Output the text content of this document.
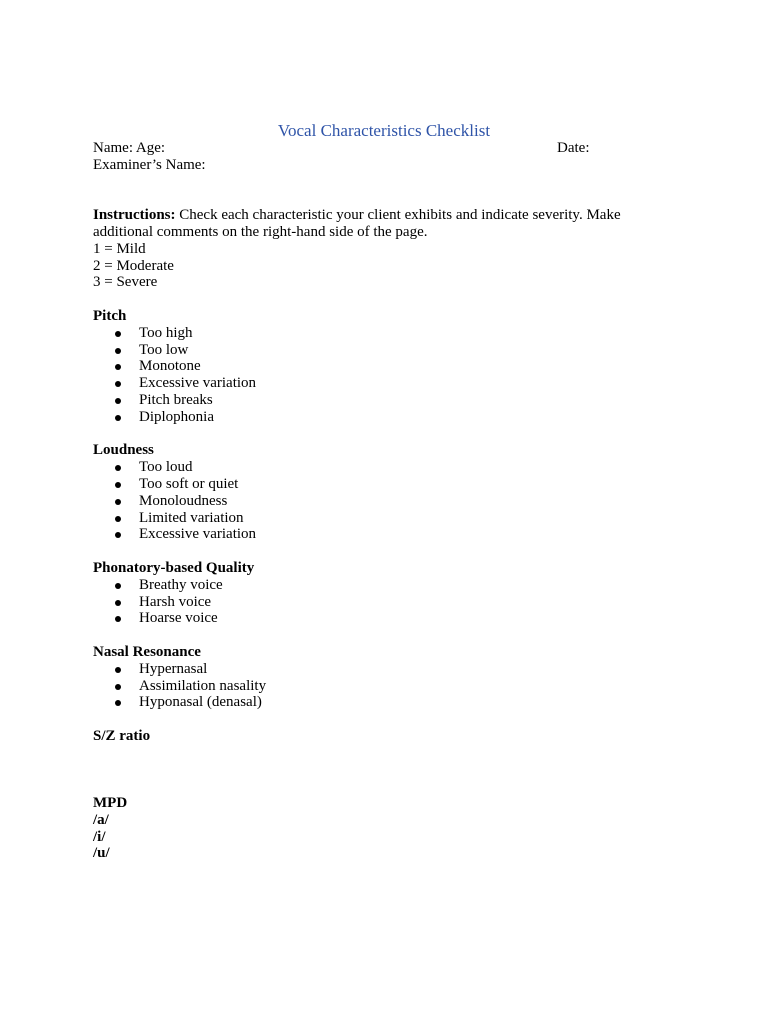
Vocal Characteristics Checklist
Name: Age:	Date:
Examiner’s Name:
Instructions: Check each characteristic your client exhibits and indicate severity. Make additional comments on the right-hand side of the page.
1 = Mild
2 = Moderate
3 = Severe
Pitch
Too high
Too low
Monotone
Excessive variation
Pitch breaks
Diplophonia
Loudness
Too loud
Too soft or quiet
Monoloudness
Limited variation
Excessive variation
Phonatory-based Quality
Breathy voice
Harsh voice
Hoarse voice
Nasal Resonance
Hypernasal
Assimilation nasality
Hyponasal (denasal)
S/Z ratio
MPD
/a/
/i/
/u/
